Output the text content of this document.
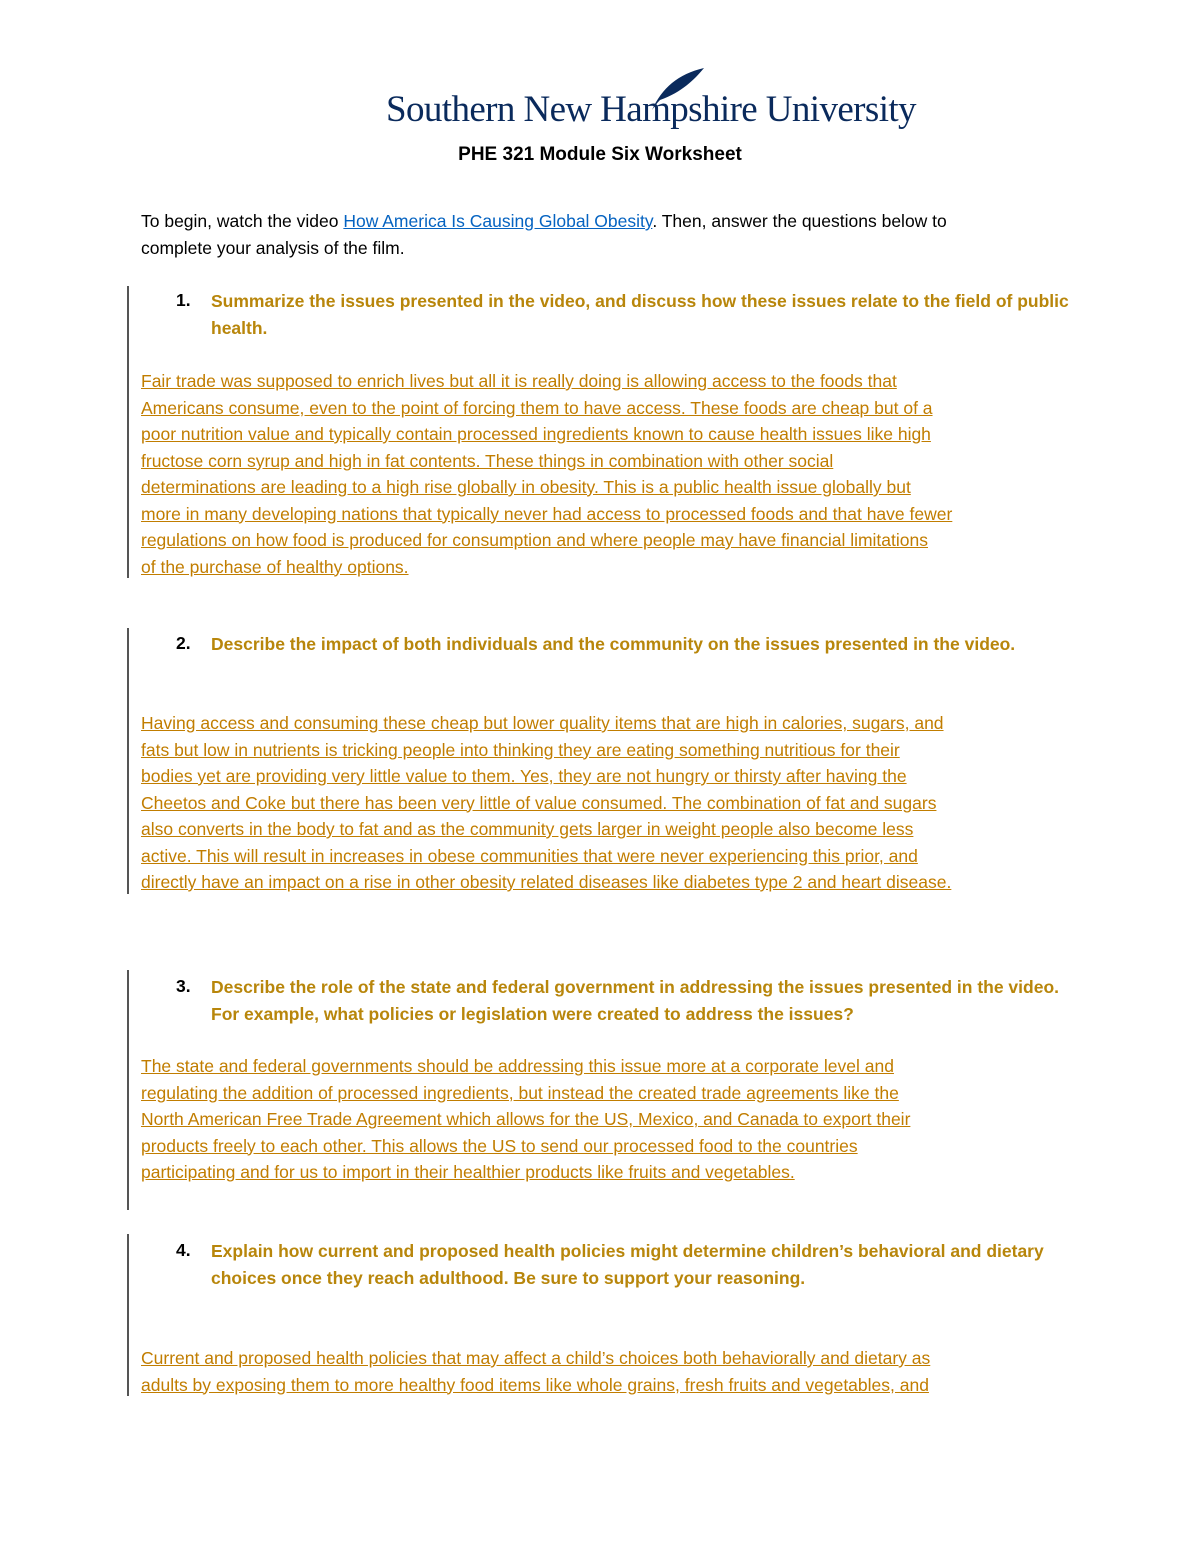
Southern New Hampshire University
PHE 321 Module Six Worksheet
To begin, watch the video How America Is Causing Global Obesity. Then, answer the questions below to
complete your analysis of the film.
1. Summarize the issues presented in the video, and discuss how these issues relate to the field of public health.
Fair trade was supposed to enrich lives but all it is really doing is allowing access to the foods that
Americans consume, even to the point of forcing them to have access. These foods are cheap but of a
poor nutrition value and typically contain processed ingredients known to cause health issues like high
fructose corn syrup and high in fat contents. These things in combination with other social
determinations are leading to a high rise globally in obesity. This is a public health issue globally but
more in many developing nations that typically never had access to processed foods and that have fewer
regulations on how food is produced for consumption and where people may have financial limitations
of the purchase of healthy options.
2. Describe the impact of both individuals and the community on the issues presented in the video.
Having access and consuming these cheap but lower quality items that are high in calories, sugars, and
fats but low in nutrients is tricking people into thinking they are eating something nutritious for their
bodies yet are providing very little value to them. Yes, they are not hungry or thirsty after having the
Cheetos and Coke but there has been very little of value consumed. The combination of fat and sugars
also converts in the body to fat and as the community gets larger in weight people also become less
active. This will result in increases in obese communities that were never experiencing this prior, and
directly have an impact on a rise in other obesity related diseases like diabetes type 2 and heart disease.
3. Describe the role of the state and federal government in addressing the issues presented in the video. For example, what policies or legislation were created to address the issues?
The state and federal governments should be addressing this issue more at a corporate level and
regulating the addition of processed ingredients, but instead the created trade agreements like the
North American Free Trade Agreement which allows for the US, Mexico, and Canada to export their
products freely to each other. This allows the US to send our processed food to the countries
participating and for us to import in their healthier products like fruits and vegetables.
4. Explain how current and proposed health policies might determine children’s behavioral and dietary choices once they reach adulthood. Be sure to support your reasoning.
Current and proposed health policies that may affect a child’s choices both behaviorally and dietary as
adults by exposing them to more healthy food items like whole grains, fresh fruits and vegetables, and
